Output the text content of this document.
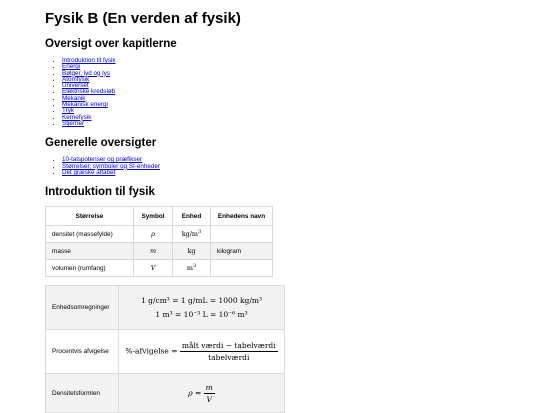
Fysik B (En verden af fysik)
Oversigt over kapitlerne
• Introduktion til fysik
• Energi
• Bølger, lyd og lys
• Atomfysik
• Universet
• Elektriske kredsløb
• Mekanik
• Mekanisk energi
• Tryk
• Kernefysik
• Stjerner
Generelle oversigter
• 10-talspotenser og præfikser
• Størrelser, symboler og SI-enheder
• Det græske alfabet
Introduktion til fysik
Størrelse	Symbol	Enhed	Enhedens navn
densitet (massefylde)	ρ	$kg/m^3$	
masse	m	kg	kilogram
volumen (rumfang)	V	$m^3$	
Enhedsomregninger	1 g/cm³ = 1 g/mL = 1000 kg/m³
1 m³ = 10⁻³ L = 10⁻⁶ m³

Procentvis afvigelse	%-afvigelse = $\frac{\text{målt værdi − tabelværdi}}{\text{tabelværdi}}$

Densitetsformlen	$\rho = \frac{m}{V}$
